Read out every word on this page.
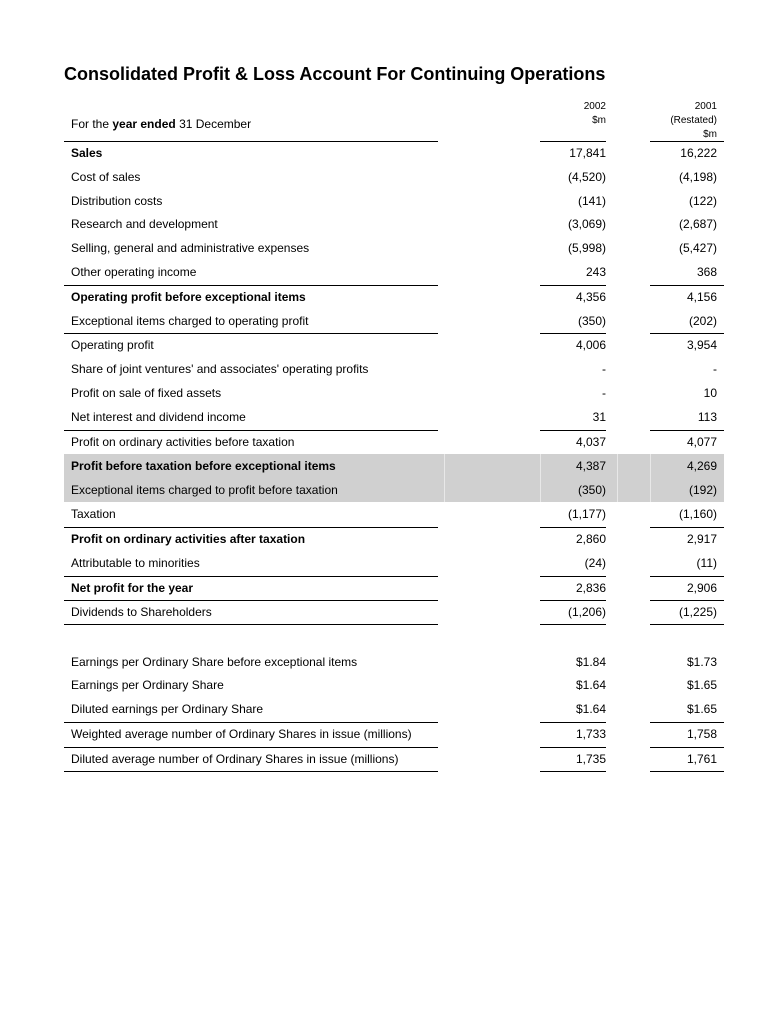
Consolidated Profit & Loss Account For Continuing Operations
For the year ended 31 December
2002
$m
2001
(Restated)
$m
Sales	17,841	16,222
Cost of sales	(4,520)	(4,198)
Distribution costs	(141)	(122)
Research and development	(3,069)	(2,687)
Selling, general and administrative expenses	(5,998)	(5,427)
Other operating income	243	368
Operating profit before exceptional items	4,356	4,156
Exceptional items charged to operating profit	(350)	(202)
Operating profit	4,006	3,954
Share of joint ventures' and associates' operating profits	-	-
Profit on sale of fixed assets	-	10
Net interest and dividend income	31	113
Profit on ordinary activities before taxation	4,037	4,077
Profit before taxation before exceptional items	4,387	4,269
Exceptional items charged to profit before taxation	(350)	(192)
Taxation	(1,177)	(1,160)
Profit on ordinary activities after taxation	2,860	2,917
Attributable to minorities	(24)	(11)
Net profit for the year	2,836	2,906
Dividends to Shareholders	(1,206)	(1,225)
Earnings per Ordinary Share before exceptional items	$1.84	$1.73
Earnings per Ordinary Share	$1.64	$1.65
Diluted earnings per Ordinary Share	$1.64	$1.65
Weighted average number of Ordinary Shares in issue (millions)	1,733	1,758
Diluted average number of Ordinary Shares in issue (millions)	1,735	1,761
